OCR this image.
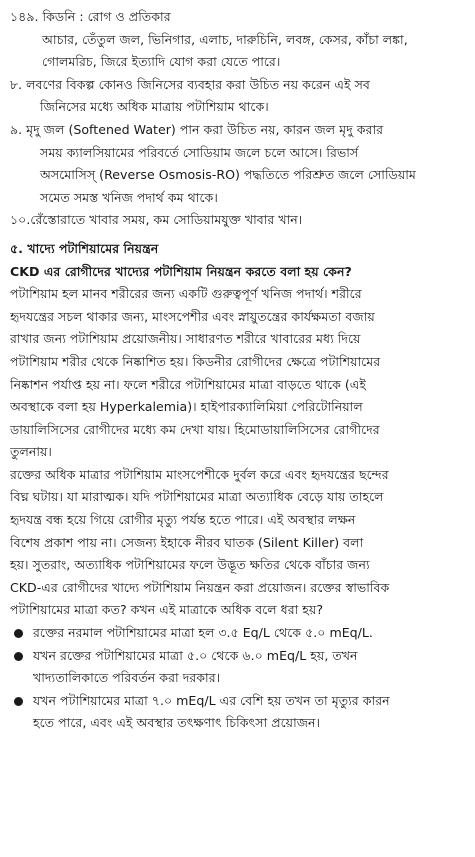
১৪৯. কিডনি : রোগ ও প্রতিকার
আচার, তেঁতুল জল, ভিনিগার, এলাচ, দারুচিনি, লবঙ্গ, কেসর, কাঁচা লঙ্কা,
গোলমরিচ, জিরে ইত্যাদি যোগ করা যেতে পারে।
৮. লবণের বিকল্প কোনও জিনিসের ব্যবহার করা উচিত নয় করেন এই সব
জিনিসের মধ্যে অধিক মাত্রায় পটাশিয়াম থাকে।
৯. মৃদু জল (Softened Water) পান করা উচিত নয়, কারন জল মৃদু করার
সময় ক্যালসিয়ামের পরিবর্তে সোডিয়াম জলে চলে আসে। রিভার্স
অসমোসিস্ (Reverse Osmosis-RO) পদ্ধতিতে পরিশ্রুত জলে সোডিয়াম
সমেত সমস্ত খনিজ পদার্থ কম থাকে।
১০.রেঁস্তোরাতে খাবার সময়, কম সোডিয়ামযুক্ত খাবার খান।
৫. খাদ্যে পটাশিয়ামের নিয়ন্ত্রন
CKD এর রোগীদের খাদ্যের পটাশিয়াম নিয়ন্ত্রন করতে বলা হয় কেন?
পটাশিয়াম হল মানব শরীরের জন্য একটি গুরুত্বপূর্ণ খনিজ পদার্থ। শরীরে
হৃদযন্ত্রের সচল থাকার জন্য, মাংসপেশীর এবং স্নায়ুতন্ত্রের কার্যক্ষমতা বজায়
রাখার জন্য পটাশিয়াম প্রয়োজনীয়। সাধারণত শরীরে খাবারের মধ্য দিয়ে
পটাশিয়াম শরীর থেকে নিষ্কাশিত হয়। কিডনীর রোগীদের ক্ষেত্রে পটাশিয়ামের
নিষ্কাশন পর্যাপ্ত হয় না। ফলে শরীরে পটাশিয়ামের মাত্রা বাড়তে থাকে (এই
অবস্থাকে বলা হয় Hyperkalemia)। হাইপারক্যালিমিয়া পেরিটোনিয়াল
ডায়ালিসিসের রোগীদের মধ্যে কম দেখা যায়। হিমোডায়ালিসিসের রোগীদের
তুলনায়।
রক্তের অধিক মাত্রার পটাশিয়াম মাংসপেশীকে দুর্বল করে এবং হৃদযন্ত্রের ছন্দের
বিঘ্ন ঘটায়। যা মারাত্মক। যদি পটাশিয়ামের মাত্রা অত্যাধিক বেড়ে যায় তাহলে
হৃদযন্ত্র বন্ধ হয়ে গিয়ে রোগীর মৃত্যু পর্যন্ত হতে পারে। এই অবস্থার লক্ষন
বিশেষ প্রকাশ পায় না। সেজন্য ইহাকে নীরব ঘাতক (Silent Killer) বলা
হয়। সুতরাং, অত্যাধিক পটাশিয়ামের ফলে উদ্ভূত ক্ষতির থেকে বাঁচার জন্য
CKD-এর রোগীদের খাদ্যে পটাশিয়াম নিয়ন্ত্রন করা প্রয়োজন। রক্তের স্বাভাবিক
পটাশিয়ামের মাত্রা কত? কখন এই মাত্রাকে অধিক বলে ধরা হয়?
রক্তের নরমাল পটাশিয়ামের মাত্রা হল ৩.৫ Eq/L থেকে ৫.০ mEq/L.
যখন রক্তের পটাশিয়ামের মাত্রা ৫.০ থেকে ৬.০ mEq/L হয়, তখন
খাদ্যতালিকাতে পরিবর্তন করা দরকার।
যখন পটাশিয়ামের মাত্রা ৭.০ mEq/L এর বেশি হয় তখন তা মৃত্যুর কারন
হতে পারে, এবং এই অবস্থার তৎক্ষণাৎ চিকিৎসা প্রয়োজন।
